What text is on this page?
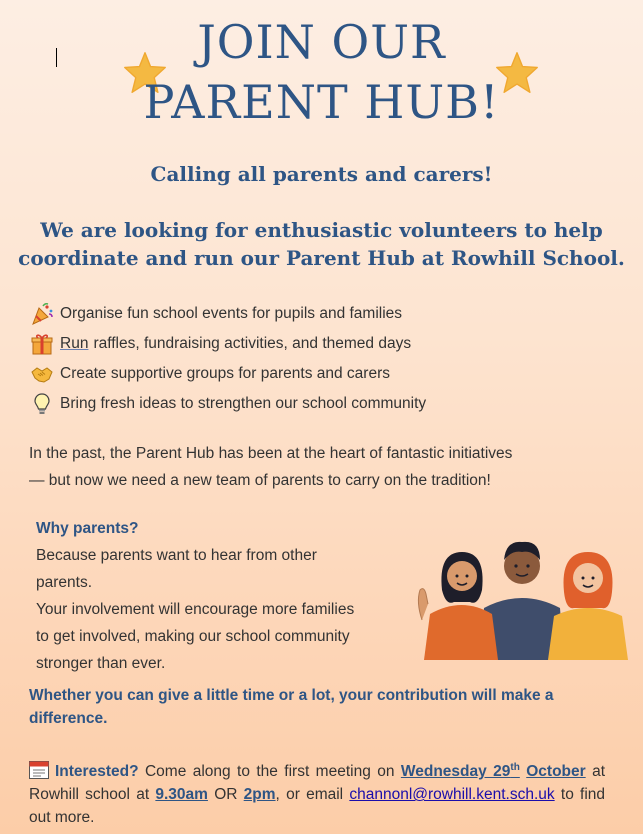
JOIN OUR
PARENT HUB!
Calling all parents and carers!
We are looking for enthusiastic volunteers to help
coordinate and run our Parent Hub at Rowhill School.
Organise fun school events for pupils and families
Run raffles, fundraising activities, and themed days
Create supportive groups for parents and carers
Bring fresh ideas to strengthen our school community
In the past, the Parent Hub has been at the heart of fantastic initiatives
— but now we need a new team of parents to carry on the tradition!
Why parents?
Because parents want to hear from other
parents.
Your involvement will encourage more families
to get involved, making our school community
stronger than ever.
Whether you can give a little time or a lot, your contribution will make a difference.
Interested? Come along to the first meeting on Wednesday 29th October at Rowhill school at 9.30am OR 2pm, or email channonl@rowhill.kent.sch.uk to find out more.
